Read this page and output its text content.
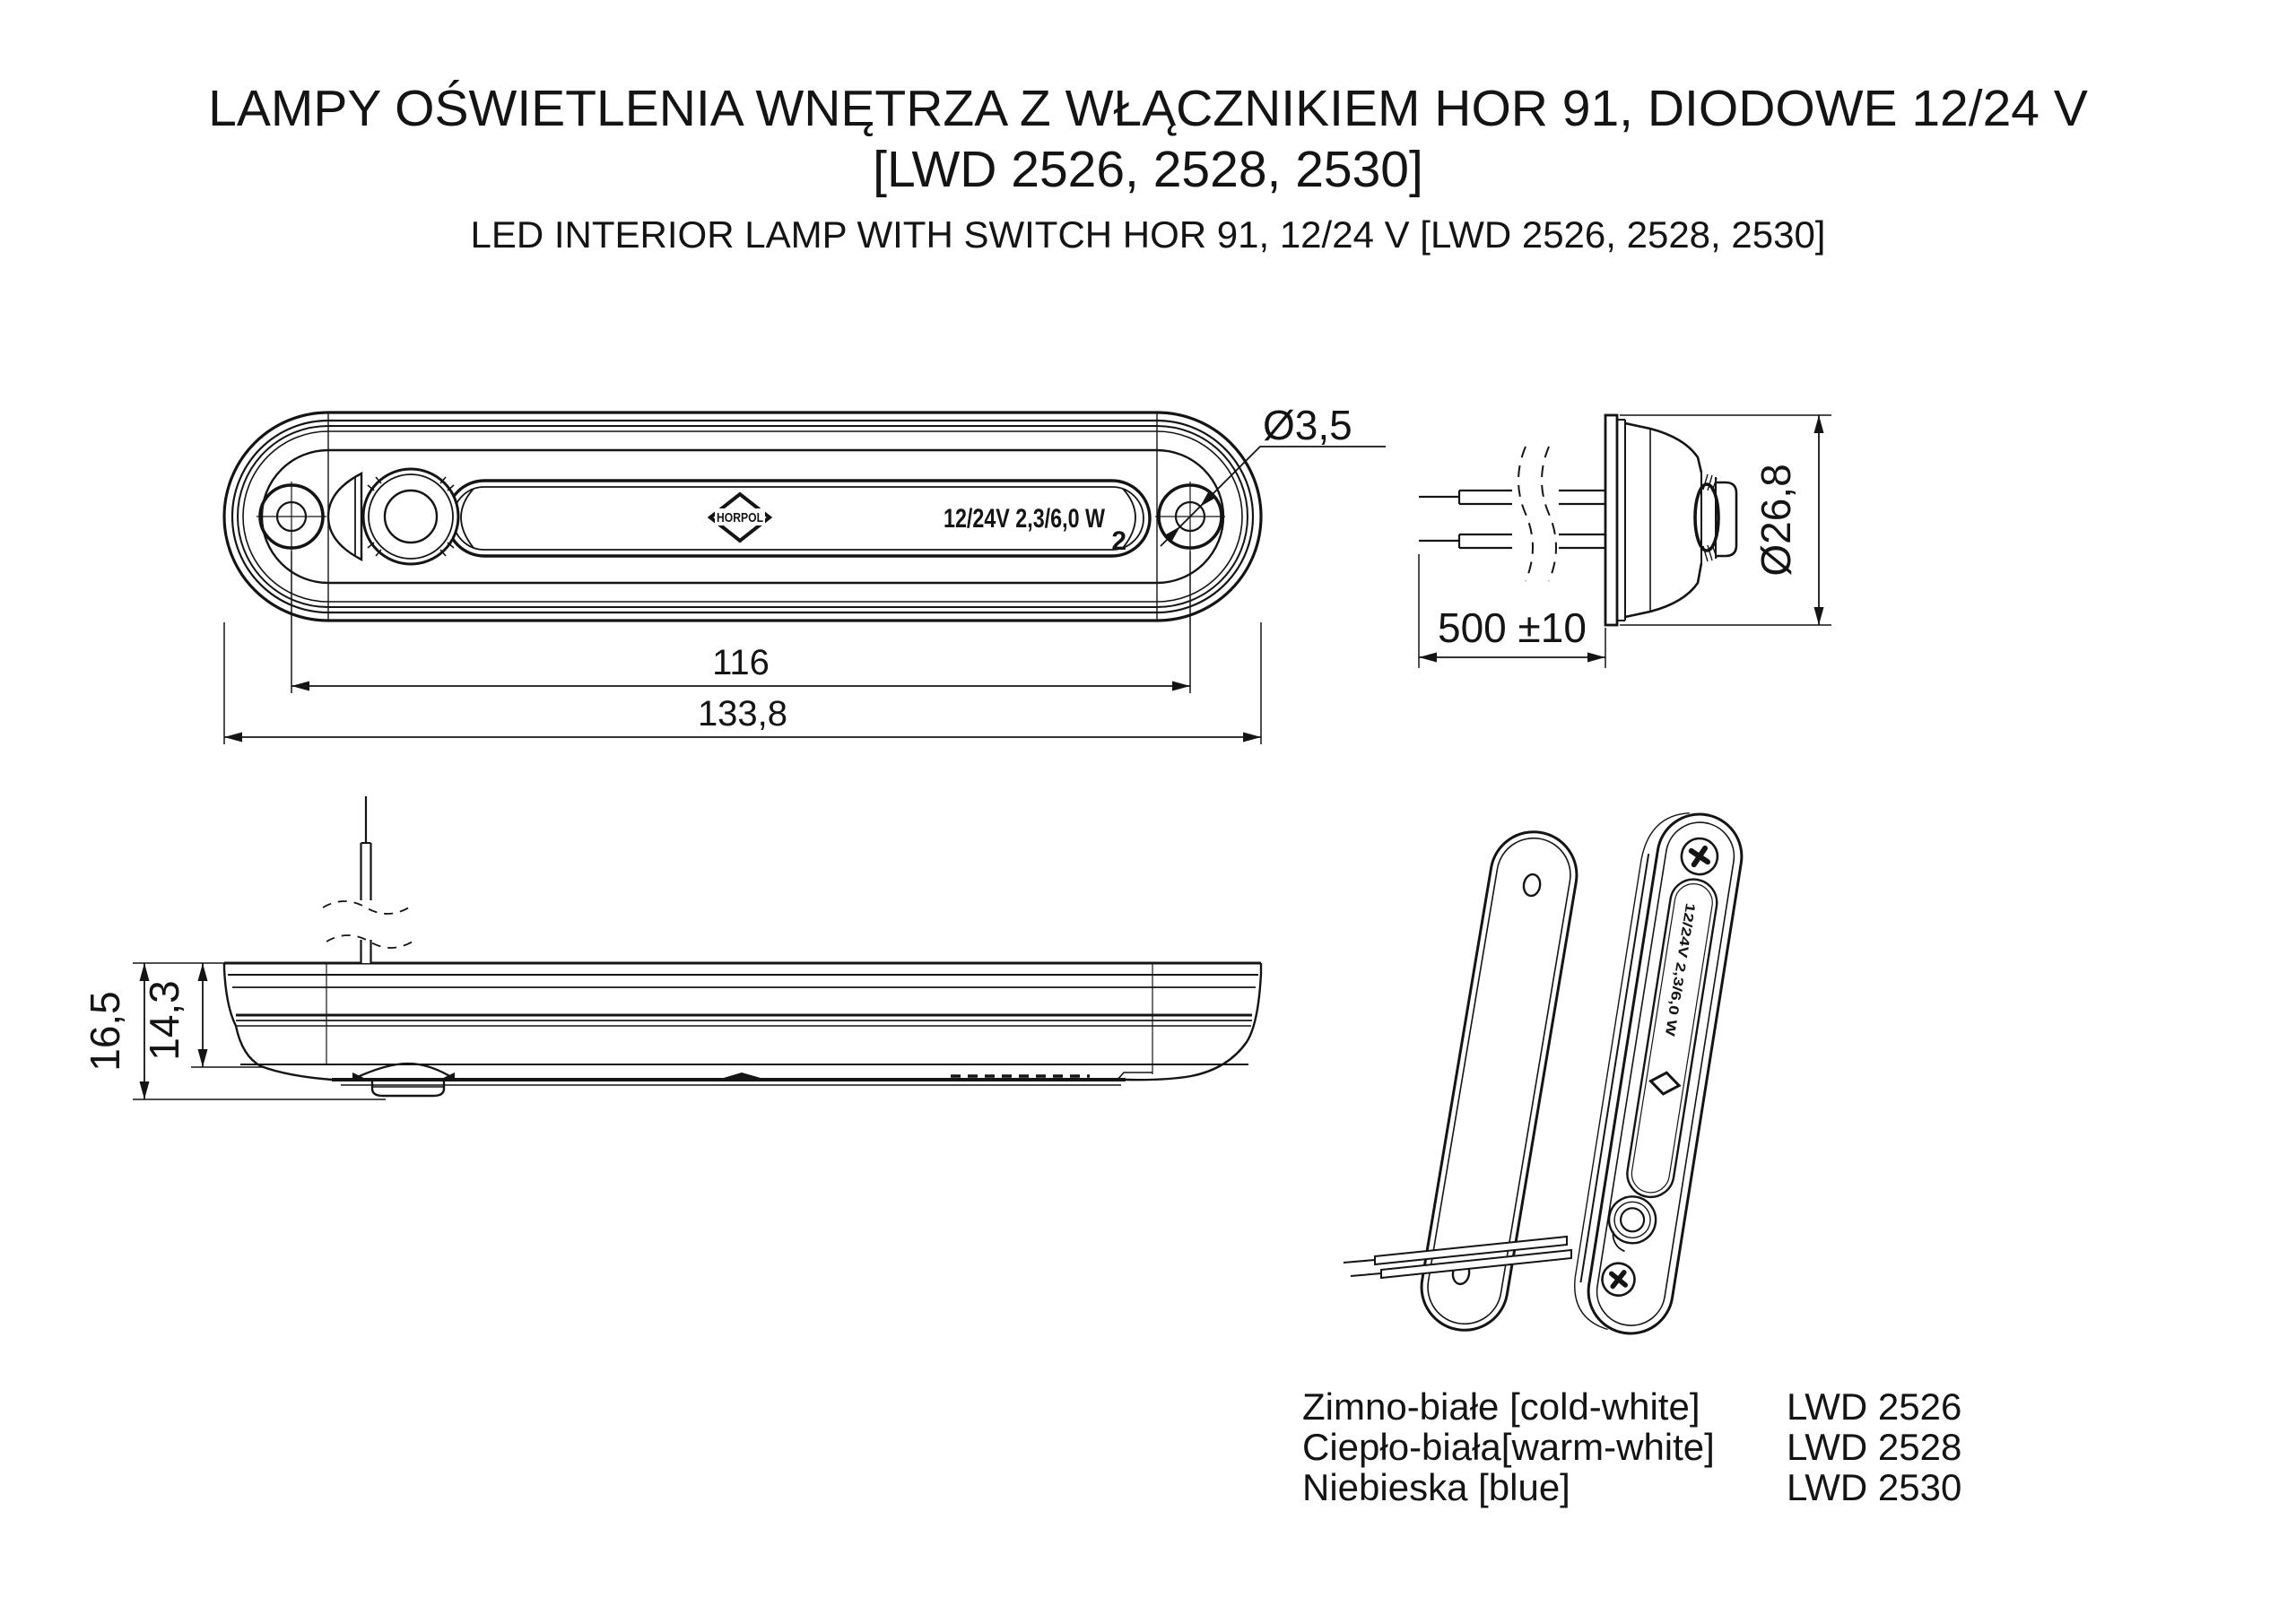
LAMPY OŚWIETLENIA WNĘTRZA Z WŁĄCZNIKIEM HOR 91, DIODOWE 12/24 V
[LWD 2526, 2528, 2530]
LED INTERIOR LAMP WITH SWITCH HOR 91, 12/24 V [LWD 2526, 2528, 2530]
HORPOL	12/24V 2,3/6,0 W
2
116
133,8
Ø3,5
500 ±10
Ø26,8
16,5 14,3
12/24V 2,3/6,0 W
Zimno-białe [cold-white] LWD 2526
Ciepło-biała[warm-white] LWD 2528
Niebieska [blue]	LWD 2530
